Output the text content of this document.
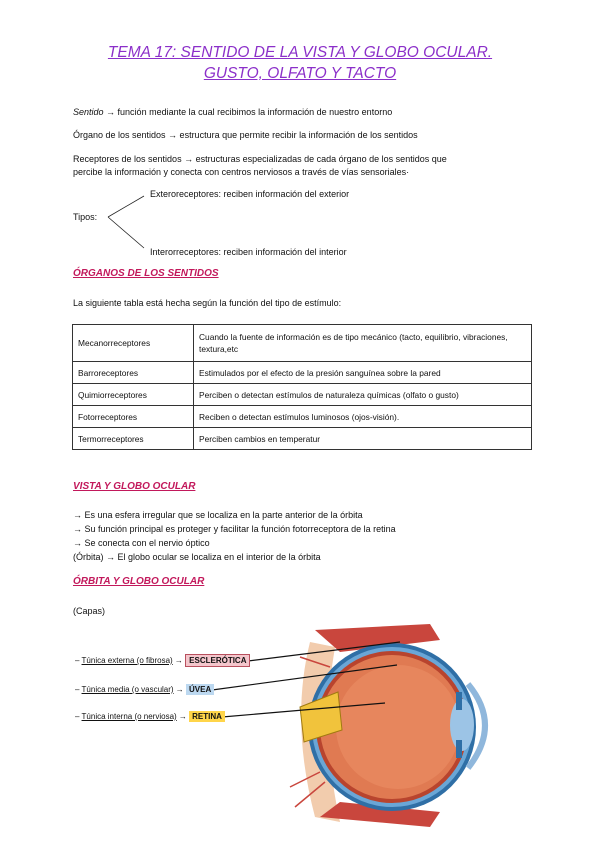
TEMA 17: SENTIDO DE LA VISTA Y GLOBO OCULAR.
GUSTO, OLFATO Y TACTO
Sentido → función mediante la cual recibimos la información de nuestro entorno
Órgano de los sentidos → estructura que permite recibir la información de los sentidos
Receptores de los sentidos → estructuras especializadas de cada órgano de los sentidos que
percibe la información y conecta con centros nerviosos a través de vías sensoriales·
Tipos:
Exteroreceptores: reciben información del exterior
Interorreceptores: reciben información del interior
ÓRGANOS DE LOS SENTIDOS
La siguiente tabla está hecha según la función del tipo de estímulo:
Mecanorreceptores	Cuando la fuente de información es de tipo mecánico (tacto, equilibrio, vibraciones, textura,etc
Barroreceptores	Estimulados por el efecto de la presión sanguínea sobre la pared
Quimiorreceptores	Perciben o detectan estímulos de naturaleza químicas (olfato o gusto)
Fotorreceptores	Reciben o detectan estímulos luminosos (ojos-visión).
Termorreceptores	Perciben cambios en temperatur
VISTA Y GLOBO OCULAR
→ Es una esfera irregular que se localiza en la parte anterior de la órbita
→ Su función principal es proteger y facilitar la función fotorreceptora de la retina
→ Se conecta con el nervio óptico
(Órbita) → El globo ocular se localiza en el interior de la órbita
ÓRBITA Y GLOBO OCULAR
(Capas)
– Túnica externa (o fibrosa) → ESCLERÓTICA
– Túnica media (o vascular) → ÚVEA
– Túnica interna (o nerviosa) → RETINA
